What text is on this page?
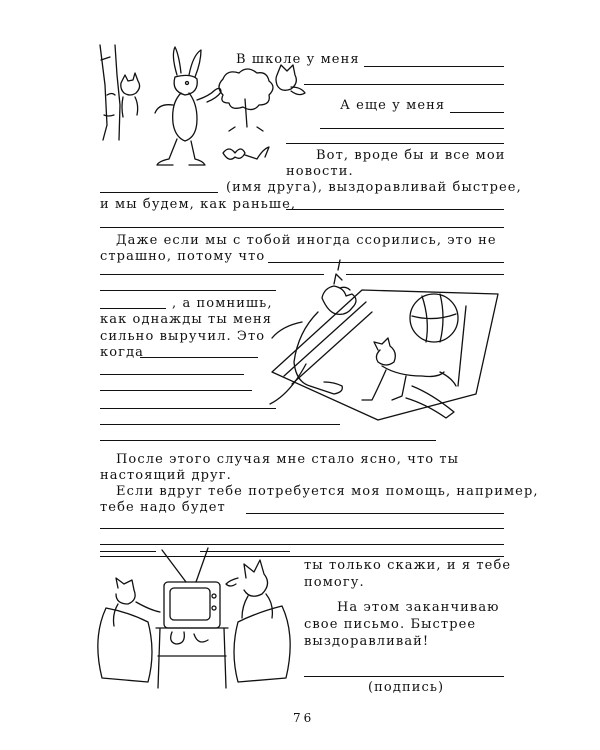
В школе у меня
А еще у меня
Вот, вроде бы и все мои
новости.
(имя друга), выздоравливай быстрее,
и мы будем, как раньше,
Даже если мы с тобой иногда ссорились, это не
страшно, потому что
, а помнишь,
как однажды ты меня
сильно выручил. Это
когда
После этого случая мне стало ясно, что ты
настоящий друг.
Если вдруг тебе потребуется моя помощь, например,
тебе надо будет
ты только скажи, и я тебе
помогу.
На этом заканчиваю
свое письмо. Быстрее
выздоравливай!
(подпись)
76
